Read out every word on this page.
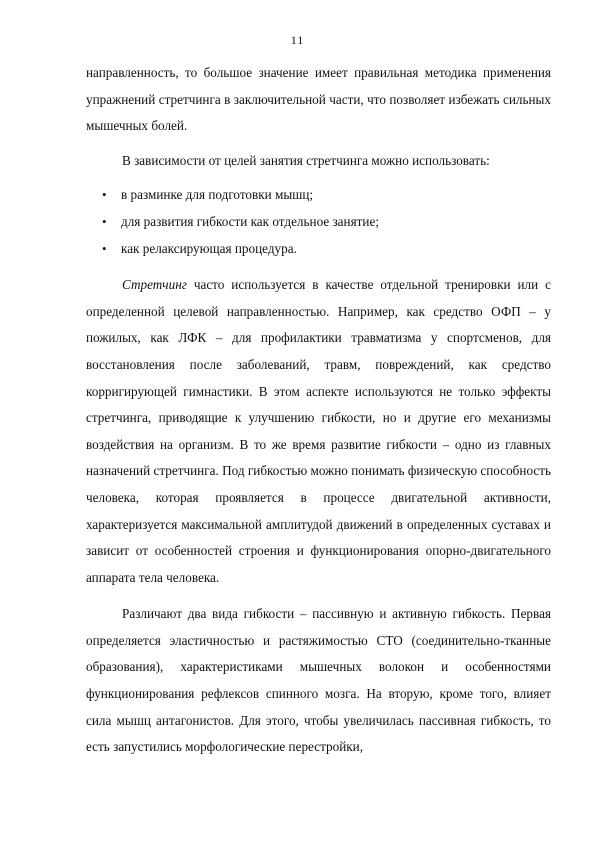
11

направленность, то большое значение имеет правильная методика применения упражнений стретчинга в заключительной части, что позволяет избежать сильных мышечных болей.

В зависимости от целей занятия стретчинга можно использовать:

• в разминке для подготовки мышц;
• для развития гибкости как отдельное занятие;
• как релаксирующая процедура.

Стретчинг часто используется в качестве отдельной тренировки или с определенной целевой направленностью. Например, как средство ОФП – у пожилых, как ЛФК – для профилактики травматизма у спортсменов, для восстановления после заболеваний, травм, повреждений, как средство корригирующей гимнастики. В этом аспекте используются не только эффекты стретчинга, приводящие к улучшению гибкости, но и другие его механизмы воздействия на организм. В то же время развитие гибкости – одно из главных назначений стретчинга. Под гибкостью можно понимать физическую способность человека, которая проявляется в процессе двигательной активности, характеризуется максимальной амплитудой движений в определенных суставах и зависит от особенностей строения и функционирования опорно-двигательного аппарата тела человека.

Различают два вида гибкости – пассивную и активную гибкость. Первая определяется эластичностью и растяжимостью СТО (соединительно-тканные образования), характеристиками мышечных волокон и особенностями функционирования рефлексов спинного мозга. На вторую, кроме того, влияет сила мышц антагонистов. Для этого, чтобы увеличилась пассивная гибкость, то есть запустились морфологические перестройки,
